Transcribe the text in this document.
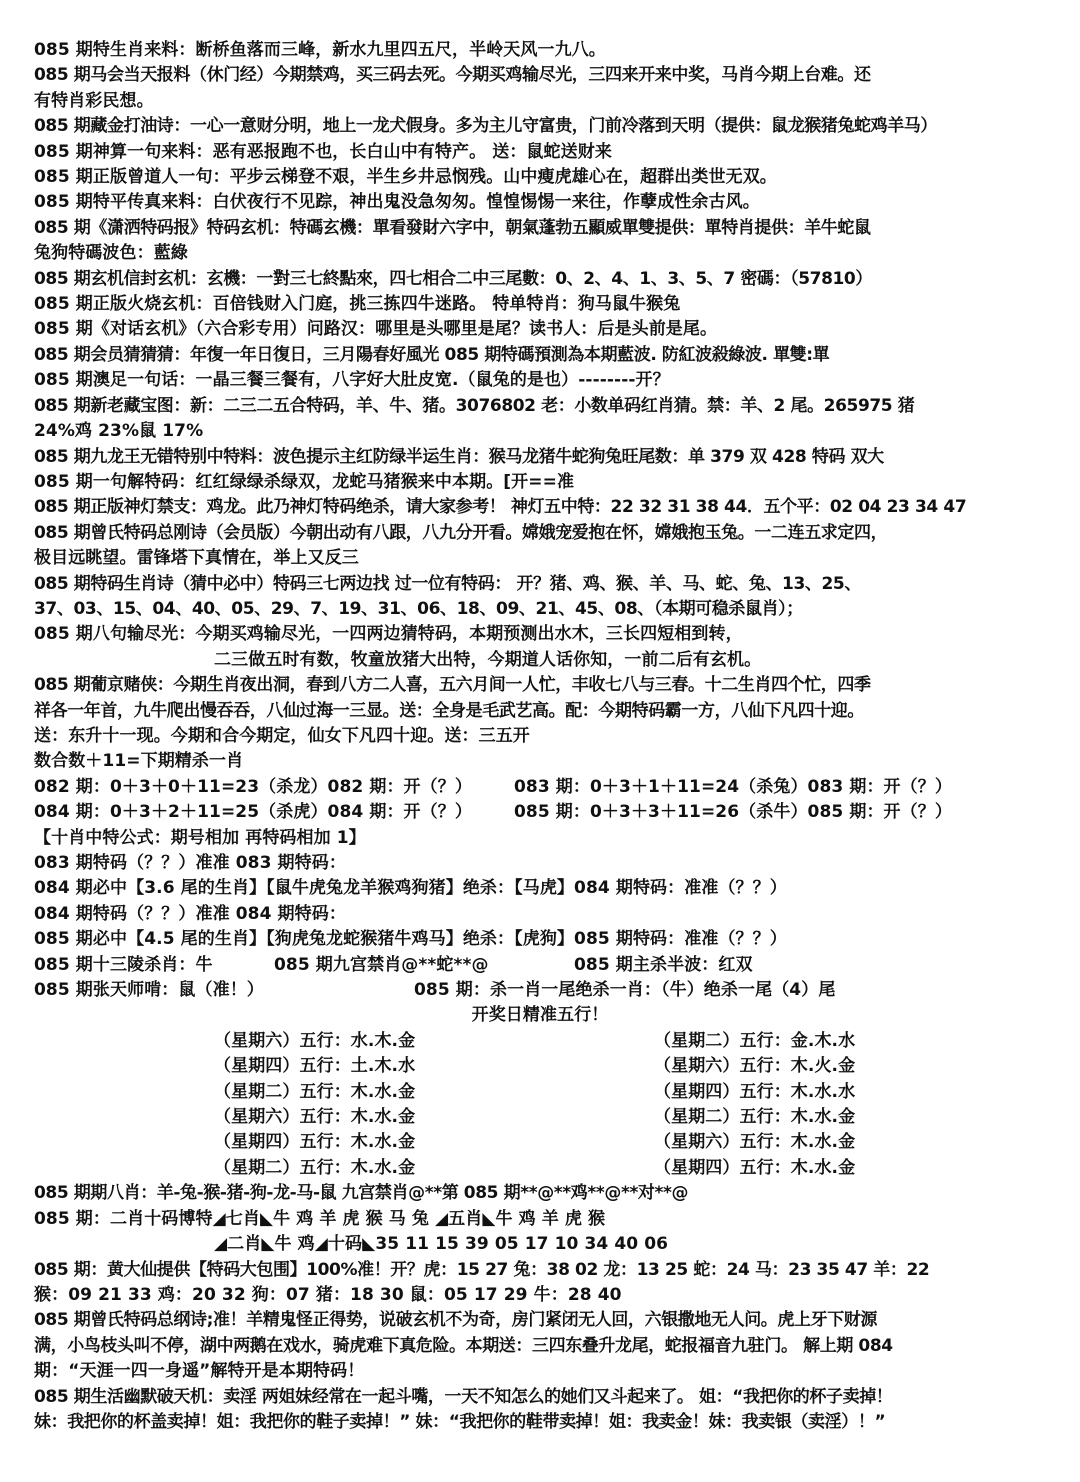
085 期特生肖来料：断桥鱼落而三峰，新水九里四五尺，半岭天风一九八。
085 期马会当天报料（休门经）今期禁鸡，买三码去死。今期买鸡输尽光，三四来开来中奖，马肖今期上台难。还
有特肖彩民想。
085 期藏金打油诗：一心一意财分明，地上一龙犬假身。多为主儿守富贵，门前冷落到天明（提供：鼠龙猴猪兔蛇鸡羊马）
085 期神算一句来料：恶有恶报跑不也，长白山中有特产。 送：鼠蛇送财来
085 期正版曾道人一句：平步云梯登不艰，半生乡井忌悯残。山中瘦虎雄心在，超群出类世无双。
085 期特平传真来料：白伏夜行不见踪，神出鬼没急匆匆。惶惶惕惕一来往，作孽成性余古风。
085 期《潇洒特码报》特码玄机：特碼玄機：單看發財六字中，朝氣蓬勃五顯威單雙提供：單特肖提供：羊牛蛇鼠
兔狗特碼波色：藍綠
085 期玄机信封玄机：玄機：一對三七終點來，四七相合二中三尾數：0、2、4、1、3、5、7 密碼：（57810）
085 期正版火烧玄机：百倍钱财入门庭，挑三拣四牛迷路。 特单特肖：狗马鼠牛猴兔
085 期《对话玄机》（六合彩专用）问路汉：哪里是头哪里是尾？读书人：后是头前是尾。
085 期会员猜猜猜：年復一年日復日，三月陽春好風光 085 期特碼預測為本期藍波. 防紅波殺綠波. 單雙:單
085 期澳足一句话：一晶三餐三餐有，八字好大肚皮宽.（鼠兔的是也）--------开？
085 期新老藏宝图：新：二三二五合特码，羊、牛、猪。3076802 老：小数单码红肖猜。禁：羊、2 尾。265975 猪
24%鸡 23%鼠 17%
085 期九龙王无错特别中特料：波色提示主红防绿半运生肖：猴马龙猪牛蛇狗兔旺尾数：单 379 双 428 特码 双大
085 期一句解特码：红红绿绿杀绿双，龙蛇马猪猴来中本期。[开==准
085 期正版神灯禁支：鸡龙。此乃神灯特码绝杀，请大家参考！ 神灯五中特：22 32 31 38 44．五个平：02 04 23 34 47
085 期曾氏特码总刚诗（会员版）今朝出动有八跟，八九分开看。嫦娥宠爱抱在怀，嫦娥抱玉兔。一二连五求定四，
极目远眺望。雷锋塔下真情在，举上又反三
085 期特码生肖诗（猜中必中）特码三七两边找 过一位有特码： 开？猪、鸡、猴、羊、马、蛇、兔、13、25、
37、03、15、04、40、05、29、7、19、31、06、18、09、21、45、08、（本期可稳杀鼠肖）；
085 期八句输尽光：今期买鸡输尽光，一四两边猜特码，本期预测出水木，三长四短相到转，
二三做五时有数，牧童放猪大出特，今期道人话你知，一前二后有玄机。
085 期葡京赌侠：今期生肖夜出洞，春到八方二人喜，五六月间一人忙，丰收七八与三春。十二生肖四个忙，四季
祥各一年首，九牛爬出慢吞吞，八仙过海一三显。送：全身是毛武艺高。配：今期特码霸一方，八仙下凡四十迎。
送：东升十一现。今期和合今期定，仙女下凡四十迎。送：三五开
数合数＋11=下期精杀一肖
082 期：0＋3＋0＋11=23（杀龙）082 期：开（？）	083 期：0＋3＋1＋11=24（杀兔）083 期：开（？）
084 期：0＋3＋2＋11=25（杀虎）084 期：开（？）	085 期：0＋3＋3＋11=26（杀牛）085 期：开（？）
【十肖中特公式：期号相加 再特码相加 1】
083 期特码（？？）准准 083 期特码：
084 期必中【3.6 尾的生肖】【鼠牛虎兔龙羊猴鸡狗猪】绝杀：【马虎】084 期特码：准准（？？）
084 期特码（？？）准准 084 期特码：
085 期必中【4.5 尾的生肖】【狗虎兔龙蛇猴猪牛鸡马】绝杀：【虎狗】085 期特码：准准（？？）
085 期十三陵杀肖：牛	085 期九宫禁肖@**蛇**@	085 期主杀半波：红双
085 期张天师啃：鼠（准！）	085 期：杀一肖一尾绝杀一肖：（牛）绝杀一尾（4）尾
开奖日精准五行！
（星期六）五行：水.木.金	（星期二）五行：金.木.水
（星期四）五行：土.木.水	（星期六）五行：木.火.金
（星期二）五行：木.水.金	（星期四）五行：木.水.水
（星期六）五行：木.水.金	（星期二）五行：木.水.金
（星期四）五行：木.水.金	（星期六）五行：木.水.金
（星期二）五行：木.水.金	（星期四）五行：木.水.金
085 期期八肖：羊-兔-猴-猪-狗-龙-马-鼠 九宫禁肖@**第 085 期**@**鸡**@**对**@
085 期：二肖十码博特◢七肖◣牛 鸡 羊 虎 猴 马 兔 ◢五肖◣牛 鸡 羊 虎 猴
◢二肖◣牛 鸡◢十码◣35 11 15 39 05 17 10 34 40 06
085 期：黄大仙提供【特码大包围】100%准！开？虎：15 27 兔：38 02 龙：13 25 蛇：24 马：23 35 47 羊：22
猴：09 21 33 鸡：20 32 狗：07 猪：18 30 鼠：05 17 29 牛：28 40
085 期曾氏特码总纲诗;准！羊精鬼怪正得势，说破玄机不为奇，房门紧闭无人回，六银撒地无人问。虎上牙下财源
满，小鸟枝头叫不停，湖中两鹅在戏水，骑虎难下真危险。本期送：三四东叠升龙尾，蛇报福音九驻门。 解上期 084
期：“天涯一四一身遥”解特开是本期特码！
085 期生活幽默破天机：卖淫 两姐妹经常在一起斗嘴，一天不知怎么的她们又斗起来了。 姐：“我把你的杯子卖掉！
妹：我把你的杯盖卖掉！姐：我把你的鞋子卖掉！” 妹：“我把你的鞋带卖掉！姐：我卖金！妹：我卖银（卖淫）！”
